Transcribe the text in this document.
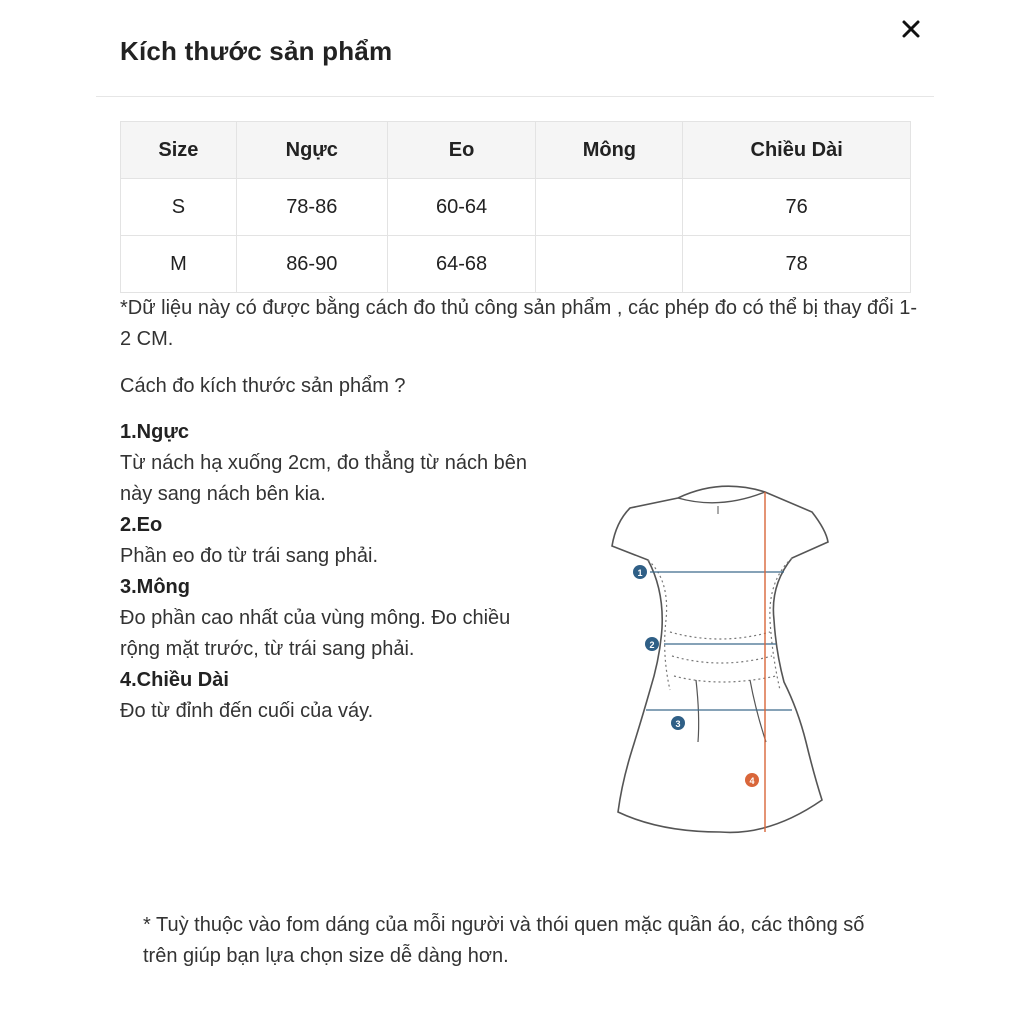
Kích thước sản phẩm
Size	Ngực	Eo	Mông	Chiều Dài
S	78-86	60-64		76
M	86-90	64-68		78

*Dữ liệu này có được bằng cách đo thủ công sản phẩm , các phép đo có thể bị thay đổi 1-2 CM.

Cách đo kích thước sản phẩm ?

1.Ngực
Từ nách hạ xuống 2cm, đo thẳng từ nách bên này sang nách bên kia.
2.Eo
Phần eo đo từ trái sang phải.
3.Mông
Đo phần cao nhất của vùng mông. Đo chiều rộng mặt trước, từ trái sang phải.
4.Chiều Dài
Đo từ đỉnh đến cuối của váy.
1
2
3
4

* Tuỳ thuộc vào fom dáng của mỗi người và thói quen mặc quần áo, các thông số trên giúp bạn lựa chọn size dễ dàng hơn.
